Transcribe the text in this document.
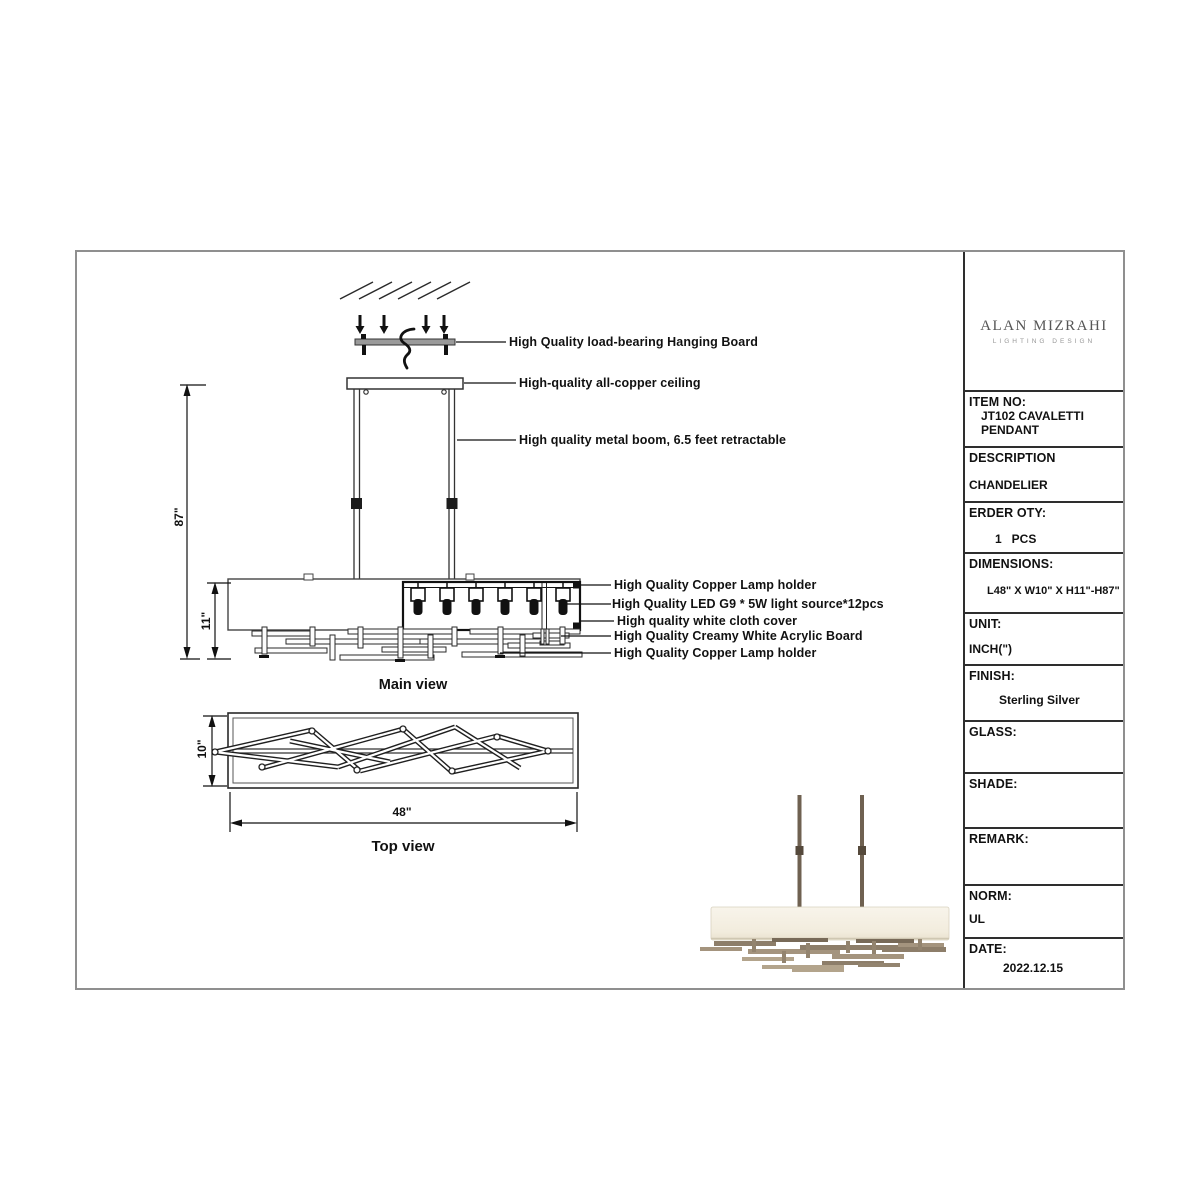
High Quality load-bearing Hanging Board
High-quality all-copper ceiling
High quality metal boom, 6.5 feet retractable
High Quality Copper Lamp holder
High Quality LED G9 * 5W light source*12pcs
High quality white cloth cover
High Quality Creamy White Acrylic Board
High Quality Copper Lamp holder
87"
11"
10"
48"
Main view
Top view
ALAN MIZRAHI
LIGHTING DESIGN
ITEM NO:
JT102 CAVALETTI
PENDANT
DESCRIPTION
CHANDELIER
ERDER OTY:
1   PCS
DIMENSIONS:
L48" X W10" X H11"-H87"
UNIT:
INCH(")
FINISH:
Sterling Silver
GLASS:
SHADE:
REMARK:
NORM:
UL
DATE:
2022.12.15
